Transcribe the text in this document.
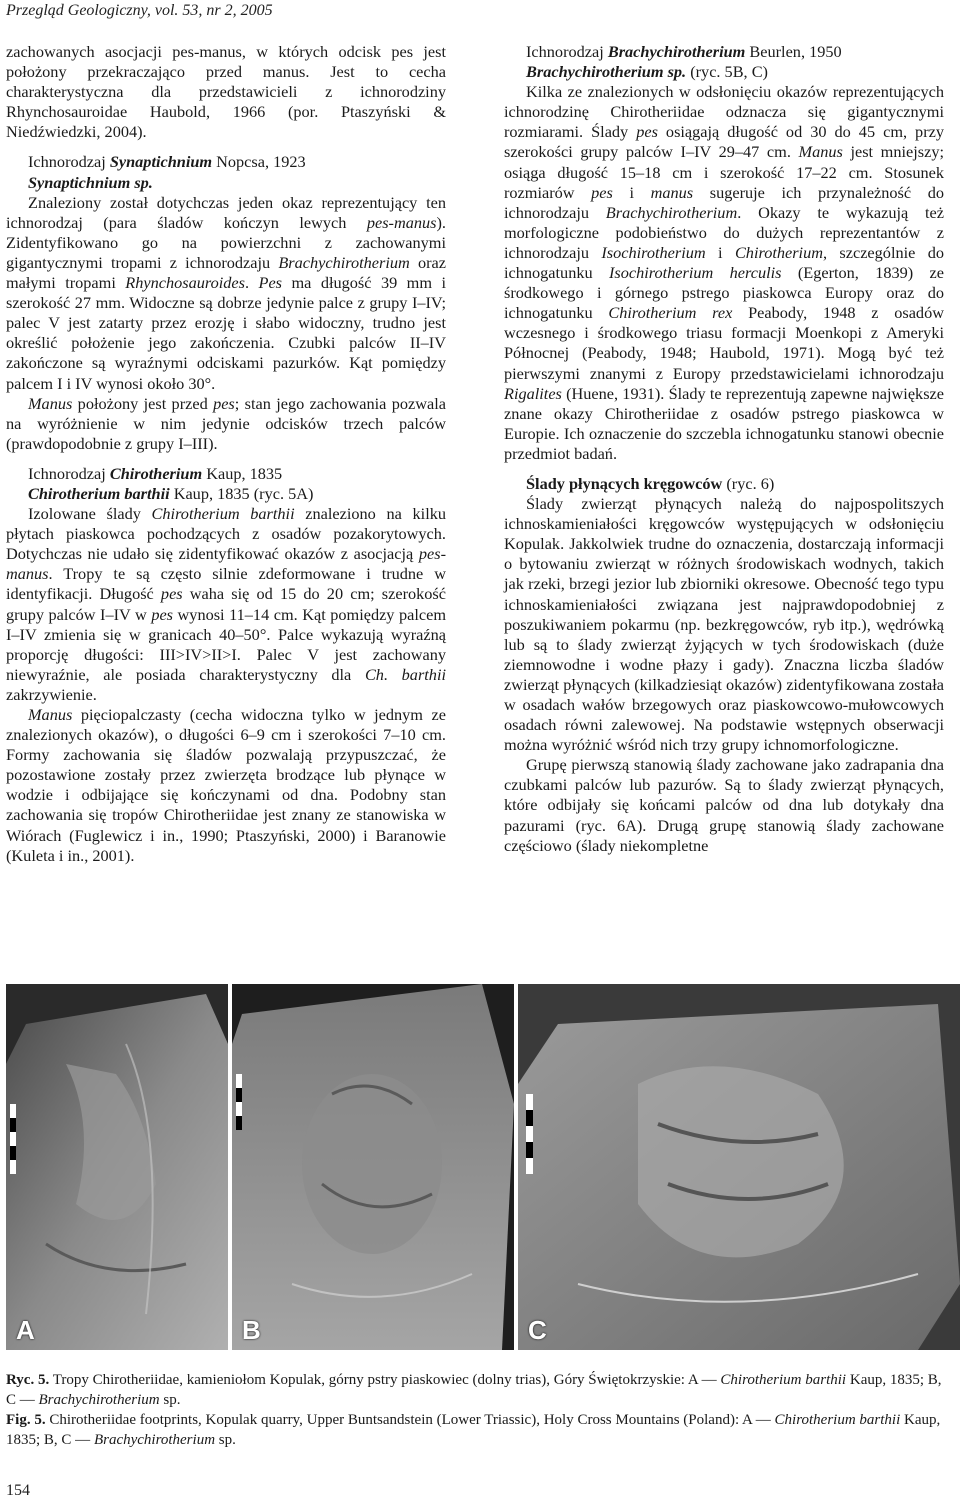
Przegląd Geologiczny, vol. 53, nr 2, 2005

zachowanych asocjacji pes-manus, w których odcisk pes jest położony przekraczająco przed manus. Jest to cecha charakterystyczna dla przedstawicieli z ichnorodziny Rhynchosauroidae Haubold, 1966 (por. Ptaszyński & Niedźwiedzki, 2004).

Ichnorodzaj Synaptichnium Nopcsa, 1923

Synaptichnium sp.

Znaleziony został dotychczas jeden okaz reprezentujący ten ichnorodzaj (para śladów kończyn lewych pes-manus). Zidentyfikowano go na powierzchni z zachowanymi gigantycznymi tropami z ichnorodzaju Brachychirotherium oraz małymi tropami Rhynchosauroides. Pes ma długość 39 mm i szerokość 27 mm. Widoczne są dobrze jedynie palce z grupy I–IV; palec V jest zatarty przez erozję i słabo widoczny, trudno jest określić położenie jego zakończenia. Czubki palców II–IV zakończone są wyraźnymi odciskami pazurków. Kąt pomiędzy palcem I i IV wynosi około 30°.

Manus położony jest przed pes; stan jego zachowania pozwala na wyróżnienie w nim jedynie odcisków trzech palców (prawdopodobnie z grupy I–III).

Ichnorodzaj Chirotherium Kaup, 1835

Chirotherium barthii Kaup, 1835 (ryc. 5A)

Izolowane ślady Chirotherium barthii znaleziono na kilku płytach piaskowca pochodzących z osadów pozakorytowych. Dotychczas nie udało się zidentyfikować okazów z asocjacją pes-manus. Tropy te są często silnie zdeformowane i trudne w identyfikacji. Długość pes waha się od 15 do 20 cm; szerokość grupy palców I–IV w pes wynosi 11–14 cm. Kąt pomiędzy palcem I–IV zmienia się w granicach 40–50°. Palce wykazują wyraźną proporcję długości: III>IV>II>I. Palec V jest zachowany niewyraźnie, ale posiada charakterystyczny dla Ch. barthii zakrzywienie.

Manus pięciopalczasty (cecha widoczna tylko w jednym ze znalezionych okazów), o długości 6–9 cm i szerokości 7–10 cm. Formy zachowania się śladów pozwalają przypuszczać, że pozostawione zostały przez zwierzęta brodzące lub płynące w wodzie i odbijające się kończynami od dna. Podobny stan zachowania się tropów Chirotheriidae jest znany ze stanowiska w Wiórach (Fuglewicz i in., 1990; Ptaszyński, 2000) i Baranowie (Kuleta i in., 2001).

Ichnorodzaj Brachychirotherium Beurlen, 1950

Brachychirotherium sp. (ryc. 5B, C)

Kilka ze znalezionych w odsłonięciu okazów reprezentujących ichnorodzinę Chirotheriidae odznacza się gigantycznymi rozmiarami. Ślady pes osiągają długość od 30 do 45 cm, przy szerokości grupy palców I–IV 29–47 cm. Manus jest mniejszy; osiąga długość 15–18 cm i szerokość 17–22 cm. Stosunek rozmiarów pes i manus sugeruje ich przynależność do ichnorodzaju Brachychirotherium. Okazy te wykazują też morfologiczne podobieństwo do dużych reprezentantów z ichnorodzaju Isochirotherium i Chirotherium, szczególnie do ichnogatunku Isochirotherium herculis (Egerton, 1839) ze środkowego i górnego pstrego piaskowca Europy oraz do ichnogatunku Chirotherium rex Peabody, 1948 z osadów wczesnego i środkowego triasu formacji Moenkopi z Ameryki Północnej (Peabody, 1948; Haubold, 1971). Mogą być też pierwszymi znanymi z Europy przedstawicielami ichnorodzaju Rigalites (Huene, 1931). Ślady te reprezentują zapewne największe znane okazy Chirotheriidae z osadów pstrego piaskowca w Europie. Ich oznaczenie do szczebla ichnogatunku stanowi obecnie przedmiot badań.

Ślady płynących kręgowców (ryc. 6)

Ślady zwierząt płynących należą do najpospolitszych ichnoskamieniałości kręgowców występujących w odsłonięciu Kopulak. Jakkolwiek trudne do oznaczenia, dostarczają informacji o bytowaniu zwierząt w różnych środowiskach wodnych, takich jak rzeki, brzegi jezior lub zbiorniki okresowe. Obecność tego typu ichnoskamieniałości związana jest najprawdopodobniej z poszukiwaniem pokarmu (np. bezkręgowców, ryb itp.), wędrówką lub są to ślady zwierząt żyjących w tych środowiskach (duże ziemnowodne i wodne płazy i gady). Znaczna liczba śladów zwierząt płynących (kilkadziesiąt okazów) zidentyfikowana została w osadach wałów brzegowych oraz piaskowcowo-mułowcowych osadach równi zalewowej. Na podstawie wstępnych obserwacji można wyróżnić wśród nich trzy grupy ichnomorfologiczne.

Grupę pierwszą stanowią ślady zachowane jako zadrapania dna czubkami palców lub pazurów. Są to ślady zwierząt płynących, które odbijały się końcami palców od dna lub dotykały dna pazurami (ryc. 6A). Drugą grupę stanowią ślady zachowane częściowo (ślady niekompletne

A	B	C
Ryc. 5. Tropy Chirotheriidae, kamieniołom Kopulak, górny pstry piaskowiec (dolny trias), Góry Świętokrzyskie: A — Chirotherium barthii Kaup, 1835; B, C — Brachychirotherium sp.
Fig. 5. Chirotheriidae footprints, Kopulak quarry, Upper Buntsandstein (Lower Triassic), Holy Cross Mountains (Poland): A — Chirotherium barthii Kaup, 1835; B, C — Brachychirotherium sp.
154
